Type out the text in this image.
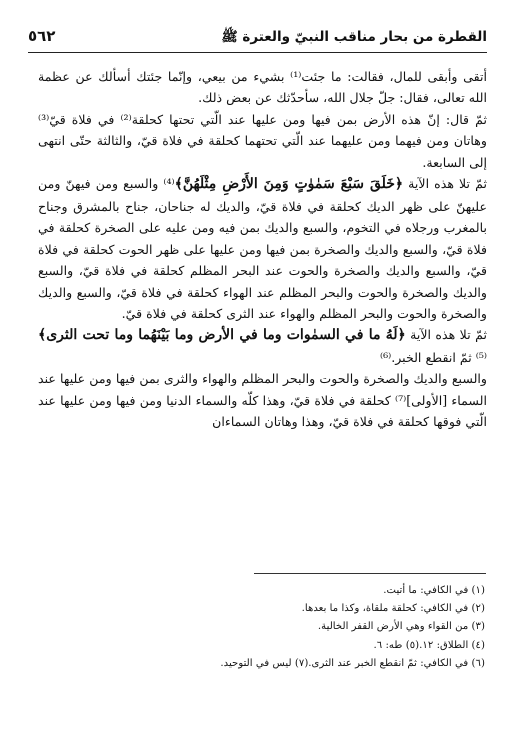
القطرة من بحار مناقب النبيّ والعترة ﷺ
٥٦٢

أتقى وأبقى للمال، فقالت: ما جئت⁽¹⁾ بشيء من بيعي، وإنّما جئتك أسألك عن عظمة الله تعالى، فقال: جلّ جلال الله، سأحدّثك عن بعض ذلك.

ثمّ قال: إنّ هذه الأرض بمن فيها ومن عليها عند الّتي تحتها كحلقة⁽²⁾ في فلاة قيّ⁽³⁾ وهاتان ومن فيهما ومن عليهما عند الّتي تحتهما كحلقة في فلاة قيّ، والثالثة حتّى انتهى إلى السابعة.

ثمّ تلا هذه الآية ﴿خَلَقَ سَبْعَ سَمٰوٰتٍ وَمِنَ الأَرْضِ مِثْلَهُنَّ﴾⁽⁴⁾ والسبع ومن فيهنّ ومن عليهنّ على ظهر الديك كحلقة في فلاة قيّ، والديك له جناحان، جناح بالمشرق وجناح بالمغرب ورجلاه في التخوم، والسبع والديك بمن فيه ومن عليه على الصخرة كحلقة في فلاة قيّ، والسبع والديك والصخرة بمن فيها ومن عليها على ظهر الحوت كحلقة في فلاة قيّ، والسبع والديك والصخرة والحوت عند البحر المظلم كحلقة في فلاة قيّ، والسبع والديك والصخرة والحوت والبحر المظلم عند الهواء كحلقة في فلاة قيّ، والسبع والديك والصخرة والحوت والبحر المظلم والهواء عند الثرى كحلقة في فلاة قيّ.

ثمّ تلا هذه الآية ﴿لَهُ ما في السمٰوات وما في الأرض وما بَيْنَهُما وما تحت الثرى﴾⁽⁵⁾ ثمّ انقطع الخبر.⁽⁶⁾

والسبع والديك والصخرة والحوت والبحر المظلم والهواء والثرى بمن فيها ومن عليها عند السماء [الأولى]⁽⁷⁾ كحلقة في فلاة قيّ، وهذا كلّه والسماء الدنيا ومن فيها ومن عليها عند الّتي فوقها كحلقة في فلاة قيّ، وهذا وهاتان السماءان

(١) في الكافي: ما أتيت.
(٢) في الكافي: كحلقة ملقاة، وكذا ما بعدها.
(٣) من القواء وهي الأرض القفر الخالية.
(٤) الطلاق: ١٢.(٥) طه: ٦.
(٦) في الكافي: ثمّ انقطع الخبر عند الثرى.(٧) ليس في التوحيد.
